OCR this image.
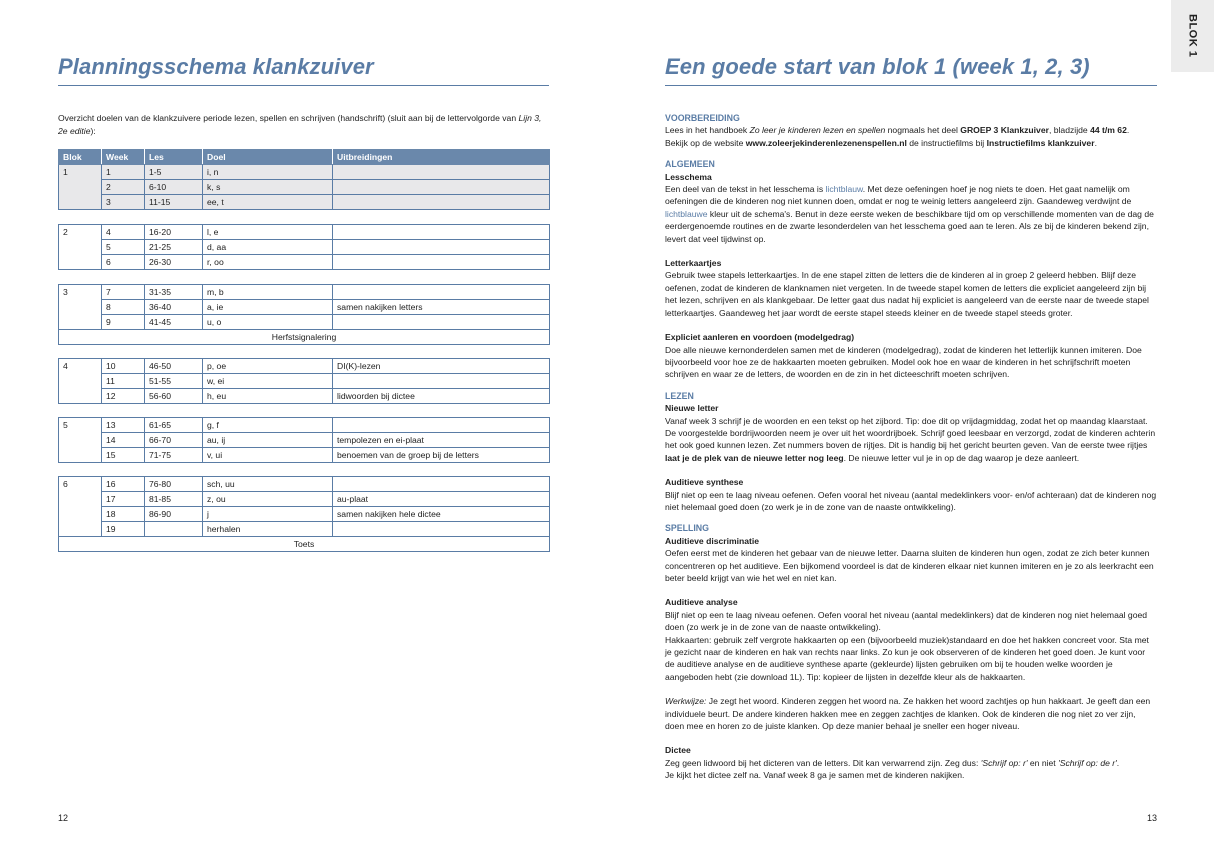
Planningsschema klankzuiver
Overzicht doelen van de klankzuivere periode lezen, spellen en schrijven (handschrift) (sluit aan bij de lettervolgorde van Lijn 3, 2e editie):
Blok	Week	Les	Doel	Uitbreidingen
1	1	1-5	i, n	
	2	6-10	k, s	
	3	11-15	ee, t	
2	4	16-20	l, e	
	5	21-25	d, aa	
	6	26-30	r, oo	
3	7	31-35	m, b	
	8	36-40	a, ie	samen nakijken letters
	9	41-45	u, o	
Herfstsignalering				
4	10	46-50	p, oe	DI(K)-lezen
	11	51-55	w, ei	
	12	56-60	h, eu	lidwoorden bij dictee
5	13	61-65	g, f	
	14	66-70	au, ij	tempolezen en ei-plaat
	15	71-75	v, ui	benoemen van de groep bij de letters
6	16	76-80	sch, uu	
	17	81-85	z, ou	au-plaat
	18	86-90	j	samen nakijken hele dictee
	19		herhalen	
Toets				
12
Een goede start van blok 1 (week 1, 2, 3)
BLOK 1
VOORBEREIDING

Lees in het handboek Zo leer je kinderen lezen en spellen nogmaals het deel GROEP 3 Klankzuiver, bladzijde 44 t/m 62.
Bekijk op de website www.zoleerjekinderenlezenenspellen.nl de instructiefilms bij Instructiefilms klankzuiver.

ALGEMEEN
Lesschema

Een deel van de tekst in het lesschema is lichtblauw. Met deze oefeningen hoef je nog niets te doen. Het gaat namelijk om oefeningen die de kinderen nog niet kunnen doen, omdat er nog te weinig letters aangeleerd zijn. Gaandeweg verdwijnt de lichtblauwe kleur uit de schema's. Benut in deze eerste weken de beschikbare tijd om op verschillende momenten van de dag de eerdergenoemde routines en de zwarte lesonderdelen van het lesschema goed aan te leren. Als ze bij de kinderen bekend zijn, levert dat veel tijdwinst op.

Letterkaartjes

Gebruik twee stapels letterkaartjes. In de ene stapel zitten de letters die de kinderen al in groep 2 geleerd hebben. Blijf deze oefenen, zodat de kinderen de klanknamen niet vergeten. In de tweede stapel komen de letters die expliciet aangeleerd zijn bij het lezen, schrijven en als klankgebaar. De letter gaat dus nadat hij expliciet is aangeleerd van de eerste naar de tweede stapel letterkaartjes. Gaandeweg het jaar wordt de eerste stapel steeds kleiner en de tweede stapel steeds groter.

Expliciet aanleren en voordoen (modelgedrag)

Doe alle nieuwe kernonderdelen samen met de kinderen (modelgedrag), zodat de kinderen het letterlijk kunnen imiteren. Doe bijvoorbeeld voor hoe ze de hakkaarten moeten gebruiken. Model ook hoe en waar de kinderen in het schrijfschrift moeten schrijven en waar ze de letters, de woorden en de zin in het dicteeschrift moeten schrijven.

LEZEN
Nieuwe letter

Vanaf week 3 schrijf je de woorden en een tekst op het zijbord. Tip: doe dit op vrijdagmiddag, zodat het op maandag klaarstaat. De voorgestelde bordrijwoorden neem je over uit het woordrijboek. Schrijf goed leesbaar en verzorgd, zodat de kinderen achterin het ook goed kunnen lezen. Zet nummers boven de rijtjes. Dit is handig bij het gericht beurten geven. Van de eerste twee rijtjes laat je de plek van de nieuwe letter nog leeg. De nieuwe letter vul je in op de dag waarop je deze aanleert.

Auditieve synthese

Blijf niet op een te laag niveau oefenen. Oefen vooral het niveau (aantal medeklinkers voor- en/of achteraan) dat de kinderen nog niet helemaal goed doen (zo werk je in de zone van de naaste ontwikkeling).

SPELLING
Auditieve discriminatie

Oefen eerst met de kinderen het gebaar van de nieuwe letter. Daarna sluiten de kinderen hun ogen, zodat ze zich beter kunnen concentreren op het auditieve. Een bijkomend voordeel is dat de kinderen elkaar niet kunnen imiteren en je zo als leerkracht een beter beeld krijgt van wie het wel en niet kan.

Auditieve analyse

Blijf niet op een te laag niveau oefenen. Oefen vooral het niveau (aantal medeklinkers) dat de kinderen nog niet helemaal goed doen (zo werk je in de zone van de naaste ontwikkeling).

Hakkaarten: gebruik zelf vergrote hakkaarten op een (bijvoorbeeld muziek)standaard en doe het hakken concreet voor. Sta met je gezicht naar de kinderen en hak van rechts naar links. Zo kun je ook observeren of de kinderen het goed doen. Je kunt voor de auditieve analyse en de auditieve synthese aparte (gekleurde) lijsten gebruiken om bij te houden welke woorden je aangeboden hebt (zie download 1L). Tip: kopieer de lijsten in dezelfde kleur als de hakkaarten.

Werkwijze: Je zegt het woord. Kinderen zeggen het woord na. Ze hakken het woord zachtjes op hun hakkaart. Je geeft dan een individuele beurt. De andere kinderen hakken mee en zeggen zachtjes de klanken. Ook de kinderen die nog niet zo ver zijn, doen mee en horen zo de juiste klanken. Op deze manier behaal je sneller een hoger niveau.

Dictee

Zeg geen lidwoord bij het dicteren van de letters. Dit kan verwarrend zijn. Zeg dus: 'Schrijf op: r' en niet 'Schrijf op: de r'.
Je kijkt het dictee zelf na. Vanaf week 8 ga je samen met de kinderen nakijken.

13
